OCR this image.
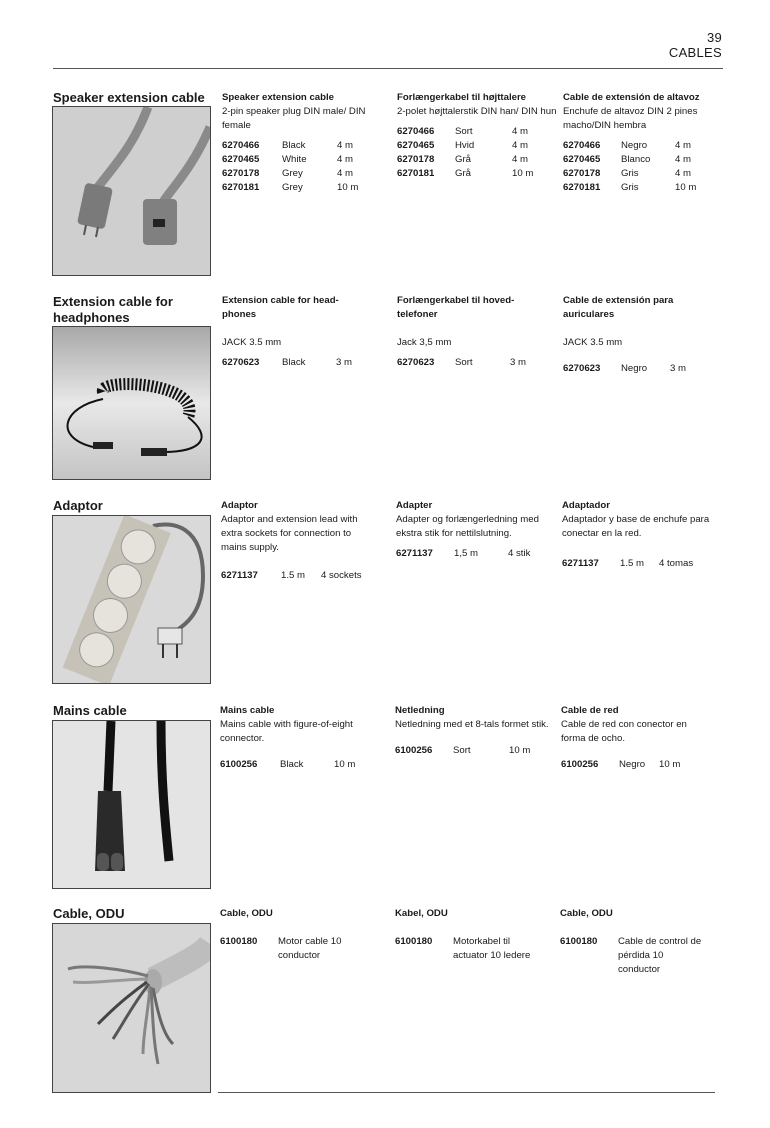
39
CABLES
Speaker extension cable	Speaker extension cable

2-pin speaker plug DIN male/ DIN female

6270466 Black	4 m
6270465 White	4 m
6270178 Grey	4 m
6270181 Grey	10 m

Forlængerkabel til højttalere

2-polet højttalerstik DIN han/ DIN hun

6270466 Sort	4 m
6270465 Hvid	4 m
6270178 Grå	4 m
6270181 Grå	10 m

Cable de extensión de altavoz

Enchufe de altavoz DIN 2 pines macho/DIN hembra

6270466 Negro	4 m
6270465 Blanco	4 m
6270178 Gris	4 m
6270181 Gris	10 m
Extension cable for headphones

Extension cable for head-phones

JACK 3.5 mm

6270623 Black	3 m

Forlængerkabel til hoved-telefoner

Jack 3,5 mm

6270623 Sort	3 m

Cable de extensión para auriculares

JACK 3.5 mm

6270623 Negro 3 m
Adaptor	Adaptor

Adaptor and extension lead with extra sockets for connection to mains supply.

6271137 1.5 m 4 sockets

Adapter

Adapter og forlængerledning med ekstra stik for nettilslutning.

6271137 1,5 m	4 stik

Adaptador

Adaptador y base de enchufe para conectar en la red.

6271137 1.5 m 4 tomas
Mains cable	Mains cable

Mains cable with figure-of-eight connector.

6100256 Black	10 m

Netledning

Netledning med et 8-tals formet stik.

6100256 Sort	10 m

Cable de red

Cable de red con conector en forma de ocho.

6100256 Negro 10 m
Cable, ODU	Cable, ODU

6100180 Motor cable 10 conductor

Kabel, ODU

6100180 Motorkabel til actuator 10 ledere

Cable, ODU

6100180 Cable de control de pérdida 10 conductor
